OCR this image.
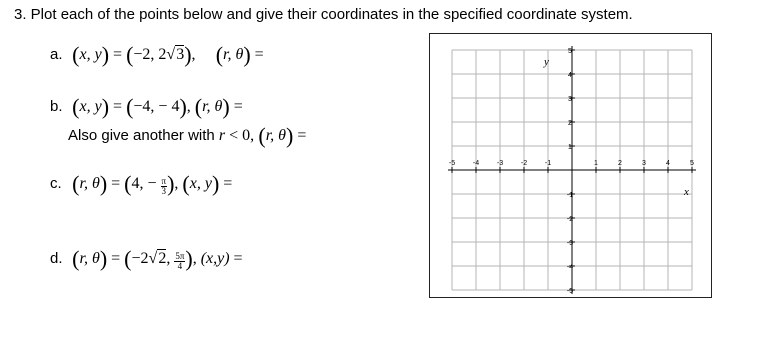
3. Plot each of the points below and give their coordinates in the specified coordinate system.
a. (x, y) = (−2, 2√3), (r, θ) =
b. (x, y) = (−4, − 4), (r, θ) =
Also give another with r < 0, (r, θ) =
c. (r, θ) = (4, − $\frac{\pi}{3}$ ), (x, y) =
d. (r, θ) = (−2√2, $\frac{5\pi}{4}$ ), (x,y) =
-5	-4	-3	-2	-1	1	2	3	4	5
5
4
3
2
1
-1
-2
-3
-4
-5
x
y
